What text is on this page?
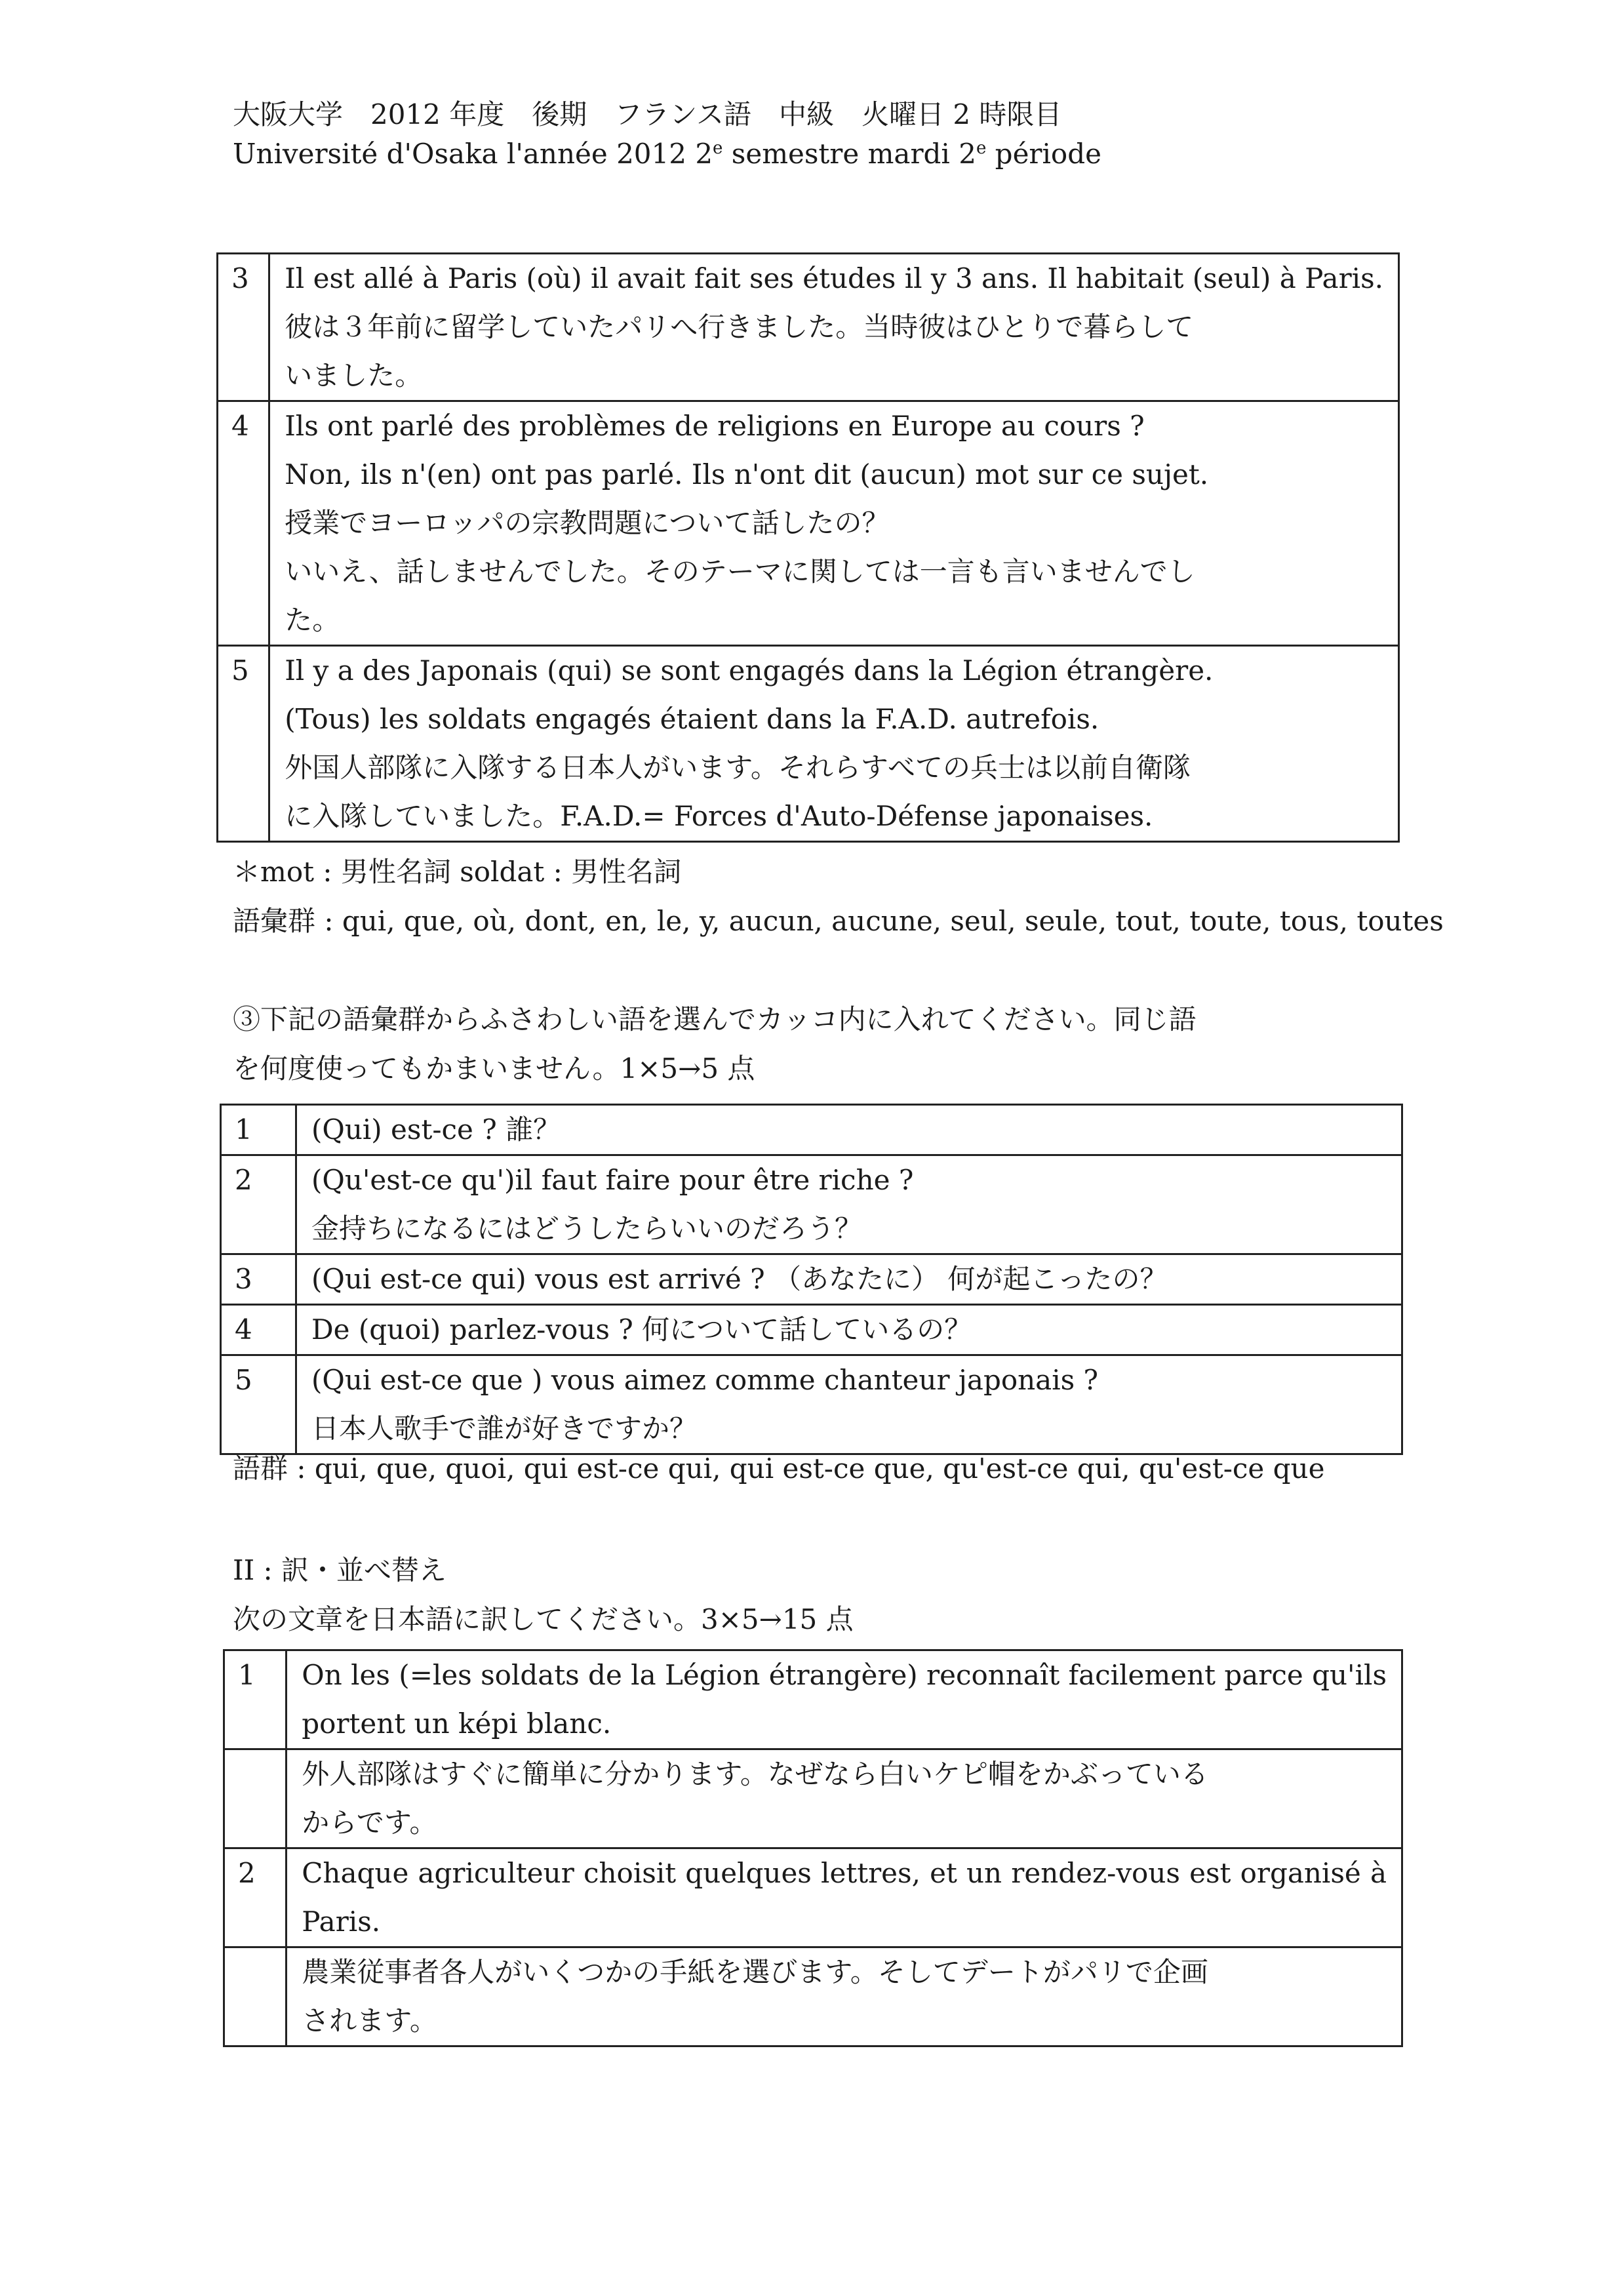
大阪大学　2012 年度　後期　フランス語　中級　火曜日 2 時限目
Université d'Osaka l'année 2012 2e semestre mardi 2e période
3	Il est allé à Paris (où) il avait fait ses études il y 3 ans. Il habitait (seul) à Paris.
彼は３年前に留学していたパリへ行きました。当時彼はひとりで暮らして
いました。

4	Ils ont parlé des problèmes de religions en Europe au cours ?
Non, ils n'(en) ont pas parlé. Ils n'ont dit (aucun) mot sur ce sujet.
授業でヨーロッパの宗教問題について話したの？
いいえ、話しませんでした。そのテーマに関しては一言も言いませんでし
た。

5	Il y a des Japonais (qui) se sont engagés dans la Légion étrangère.
(Tous) les soldats engagés étaient dans la F.A.D. autrefois.
外国人部隊に入隊する日本人がいます。それらすべての兵士は以前自衛隊
に入隊していました。F.A.D.= Forces d'Auto-Défense japonaises.
＊mot : 男性名詞 soldat : 男性名詞
語彙群 : qui, que, où, dont, en, le, y, aucun, aucune, seul, seule, tout, toute, tous, toutes
③下記の語彙群からふさわしい語を選んでカッコ内に入れてください。同じ語
を何度使ってもかまいません。1×5→5 点
1	(Qui) est-ce ? 誰？

2	(Qu'est-ce qu')il faut faire pour être riche ?
金持ちになるにはどうしたらいいのだろう？

3	(Qui est-ce qui) vous est arrivé ? （あなたに） 何が起こったの？

4	De (quoi) parlez-vous ? 何について話しているの？

5	(Qui est-ce que ) vous aimez comme chanteur japonais ?
日本人歌手で誰が好きですか？
語群 : qui, que, quoi, qui est-ce qui, qui est-ce que, qu'est-ce qui, qu'est-ce que
II : 訳・並べ替え
次の文章を日本語に訳してください。3×5→15 点
1	On les (=les soldats de la Légion étrangère) reconnaît facilement parce qu'ils
portent un képi blanc.

	外人部隊はすぐに簡単に分かります。なぜなら白いケピ帽をかぶっている
からです。

2	Chaque agriculteur choisit quelques lettres, et un rendez-vous est organisé à
Paris.

	農業従事者各人がいくつかの手紙を選びます。そしてデートがパリで企画
されます。
